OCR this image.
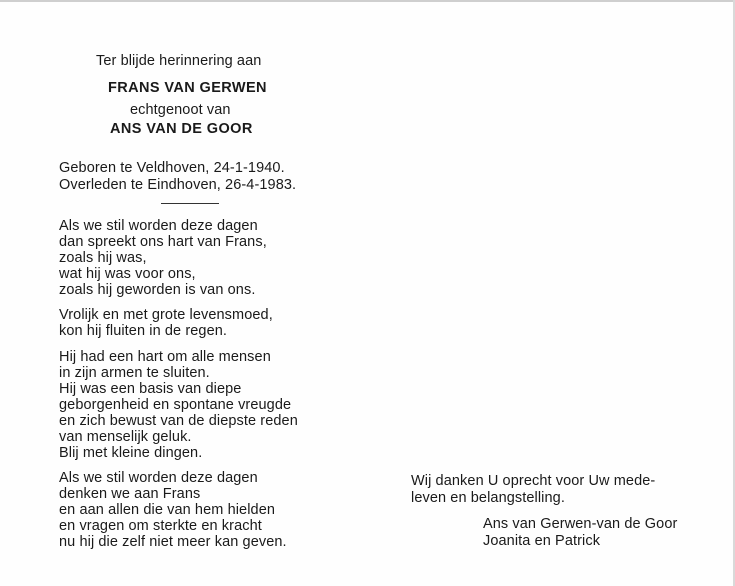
Ter blijde herinnering aan
FRANS VAN GERWEN
echtgenoot van
ANS VAN DE GOOR
Geboren te Veldhoven, 24-1-1940.
Overleden te Eindhoven, 26-4-1983.
Als we stil worden deze dagen
dan spreekt ons hart van Frans,
zoals hij was,
wat hij was voor ons,
zoals hij geworden is van ons.
Vrolijk en met grote levensmoed,
kon hij fluiten in de regen.
Hij had een hart om alle mensen
in zijn armen te sluiten.
Hij was een basis van diepe
geborgenheid en spontane vreugde
en zich bewust van de diepste reden
van menselijk geluk.
Blij met kleine dingen.
Als we stil worden deze dagen
denken we aan Frans
en aan allen die van hem hielden
en vragen om sterkte en kracht
nu hij die zelf niet meer kan geven.
Wij danken U oprecht voor Uw mede-
leven en belangstelling.
Ans van Gerwen-van de Goor
Joanita en Patrick
